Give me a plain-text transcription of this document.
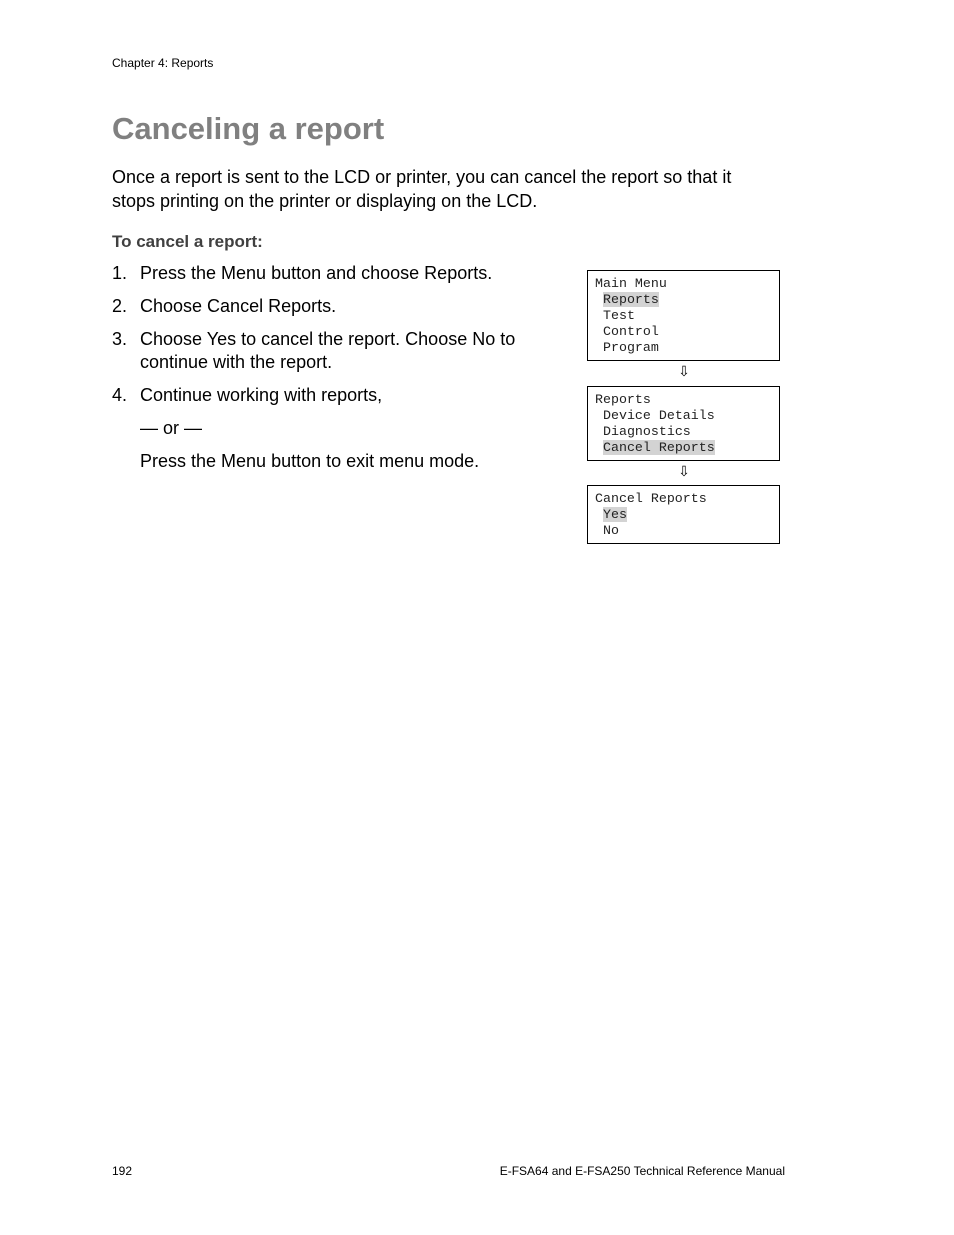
Chapter 4: Reports
Canceling a report

Once a report is sent to the LCD or printer, you can cancel the report so that it stops printing on the printer or displaying on the LCD.

To cancel a report:
1. Press the Menu button and choose Reports.
2. Choose Cancel Reports.
3. Choose Yes to cancel the report. Choose No to continue with the report.
4. Continue working with reports,
— or —
Press the Menu button to exit menu mode.
Main Menu
Reports
Test
Control
Program
⇩
Reports
Device Details
Diagnostics
Cancel Reports
⇩
Cancel Reports
Yes
No
192	E-FSA64 and E-FSA250 Technical Reference Manual
